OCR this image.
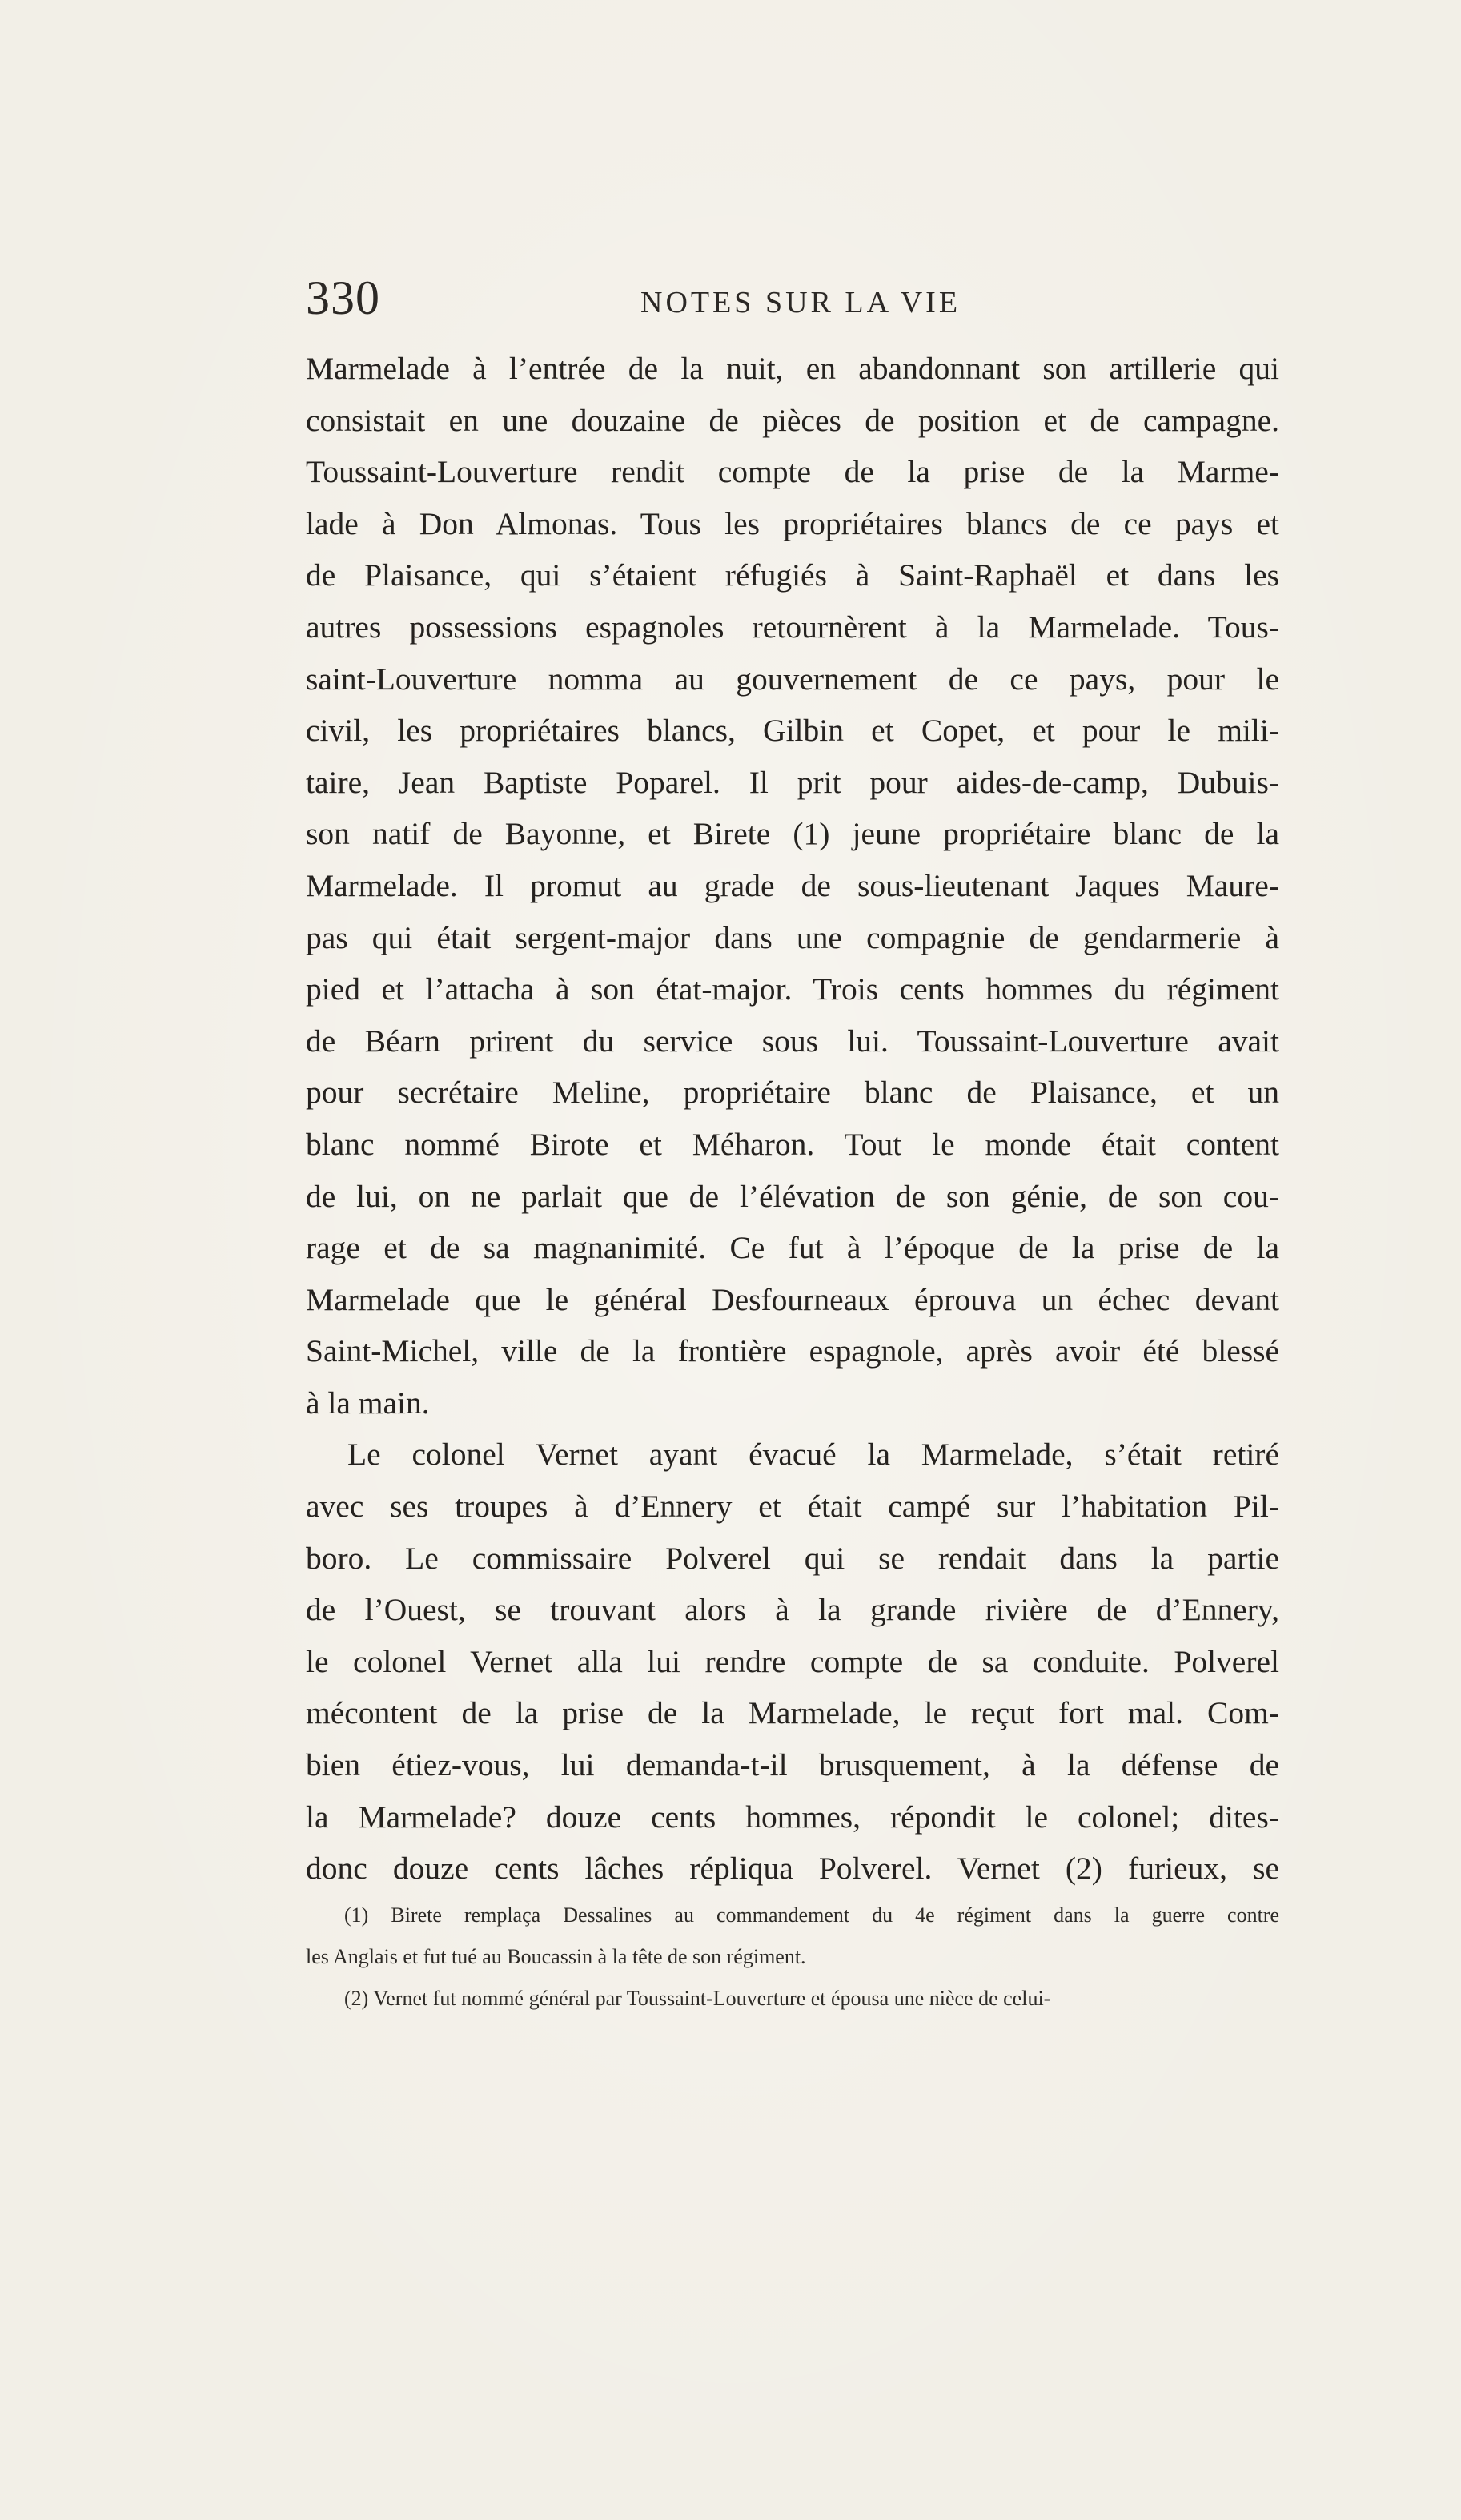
330	NOTES SUR LA VIE
Marmelade à l’entrée de la nuit, en abandonnant son artillerie qui
consistait en une douzaine de pièces de position et de campagne.
Toussaint-Louverture rendit compte de la prise de la Marme-
lade à Don Almonas. Tous les propriétaires blancs de ce pays et
de Plaisance, qui s’étaient réfugiés à Saint-Raphaël et dans les
autres possessions espagnoles retournèrent à la Marmelade. Tous-
saint-Louverture nomma au gouvernement de ce pays, pour le
civil, les propriétaires blancs, Gilbin et Copet, et pour le mili-
taire, Jean Baptiste Poparel. Il prit pour aides-de-camp, Dubuis-
son natif de Bayonne, et Birete (1) jeune propriétaire blanc de la
Marmelade. Il promut au grade de sous-lieutenant Jaques Maure-
pas qui était sergent-major dans une compagnie de gendarmerie à
pied et l’attacha à son état-major. Trois cents hommes du régiment
de Béarn prirent du service sous lui. Toussaint-Louverture avait
pour secrétaire Meline, propriétaire blanc de Plaisance, et un
blanc nommé Birote et Méharon. Tout le monde était content
de lui, on ne parlait que de l’élévation de son génie, de son cou-
rage et de sa magnanimité. Ce fut à l’époque de la prise de la
Marmelade que le général Desfourneaux éprouva un échec devant
Saint-Michel, ville de la frontière espagnole, après avoir été blessé
à la main.
Le colonel Vernet ayant évacué la Marmelade, s’était retiré
avec ses troupes à d’Ennery et était campé sur l’habitation Pil-
boro. Le commissaire Polverel qui se rendait dans la partie
de l’Ouest, se trouvant alors à la grande rivière de d’Ennery,
le colonel Vernet alla lui rendre compte de sa conduite. Polverel
mécontent de la prise de la Marmelade, le reçut fort mal. Com-
bien étiez-vous, lui demanda-t-il brusquement, à la défense de
la Marmelade? douze cents hommes, répondit le colonel; dites-
donc douze cents lâches répliqua Polverel. Vernet (2) furieux, se
(1) Birete remplaça Dessalines au commandement du 4e régiment dans la guerre contre
les Anglais et fut tué au Boucassin à la tête de son régiment.
(2) Vernet fut nommé général par Toussaint-Louverture et épousa une nièce de celui-
